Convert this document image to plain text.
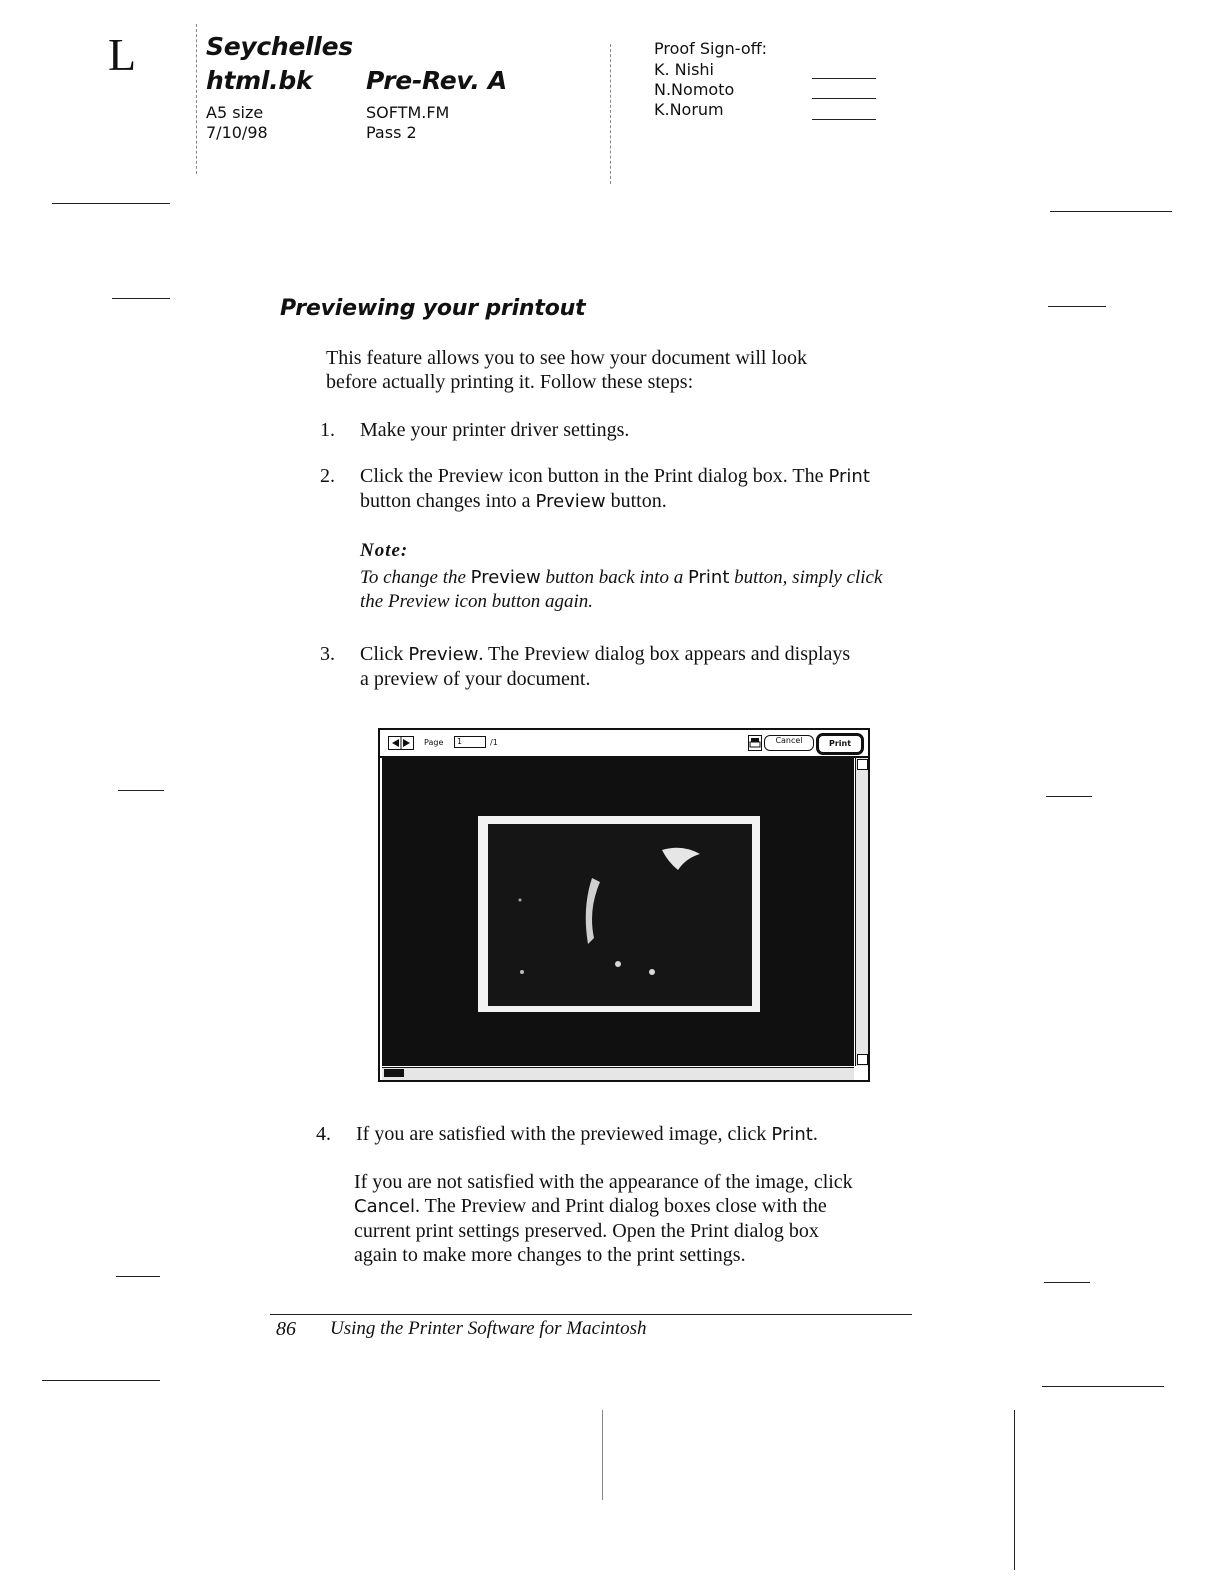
L	Seychelles
html.bk Pre-Rev. A
A5 size
7/10/98
SOFTM.FM
Pass 2
Proof Sign-off:
K. Nishi
N.Nomoto
K.Norum
Previewing your printout
This feature allows you to see how your document will look
before actually printing it. Follow these steps:
1. Make your printer driver settings.
2. Click the Preview icon button in the Print dialog box. The Print
button changes into a Preview button.
Note:
To change the Preview button back into a Print button, simply click
the Preview icon button again.
3. Click Preview. The Preview dialog box appears and displays
a preview of your document.
Page	1	/1	Cancel	Print
4. If you are satisfied with the previewed image, click Print.
If you are not satisfied with the appearance of the image, click
Cancel. The Preview and Print dialog boxes close with the
current print settings preserved. Open the Print dialog box
again to make more changes to the print settings.
86 Using the Printer Software for Macintosh
